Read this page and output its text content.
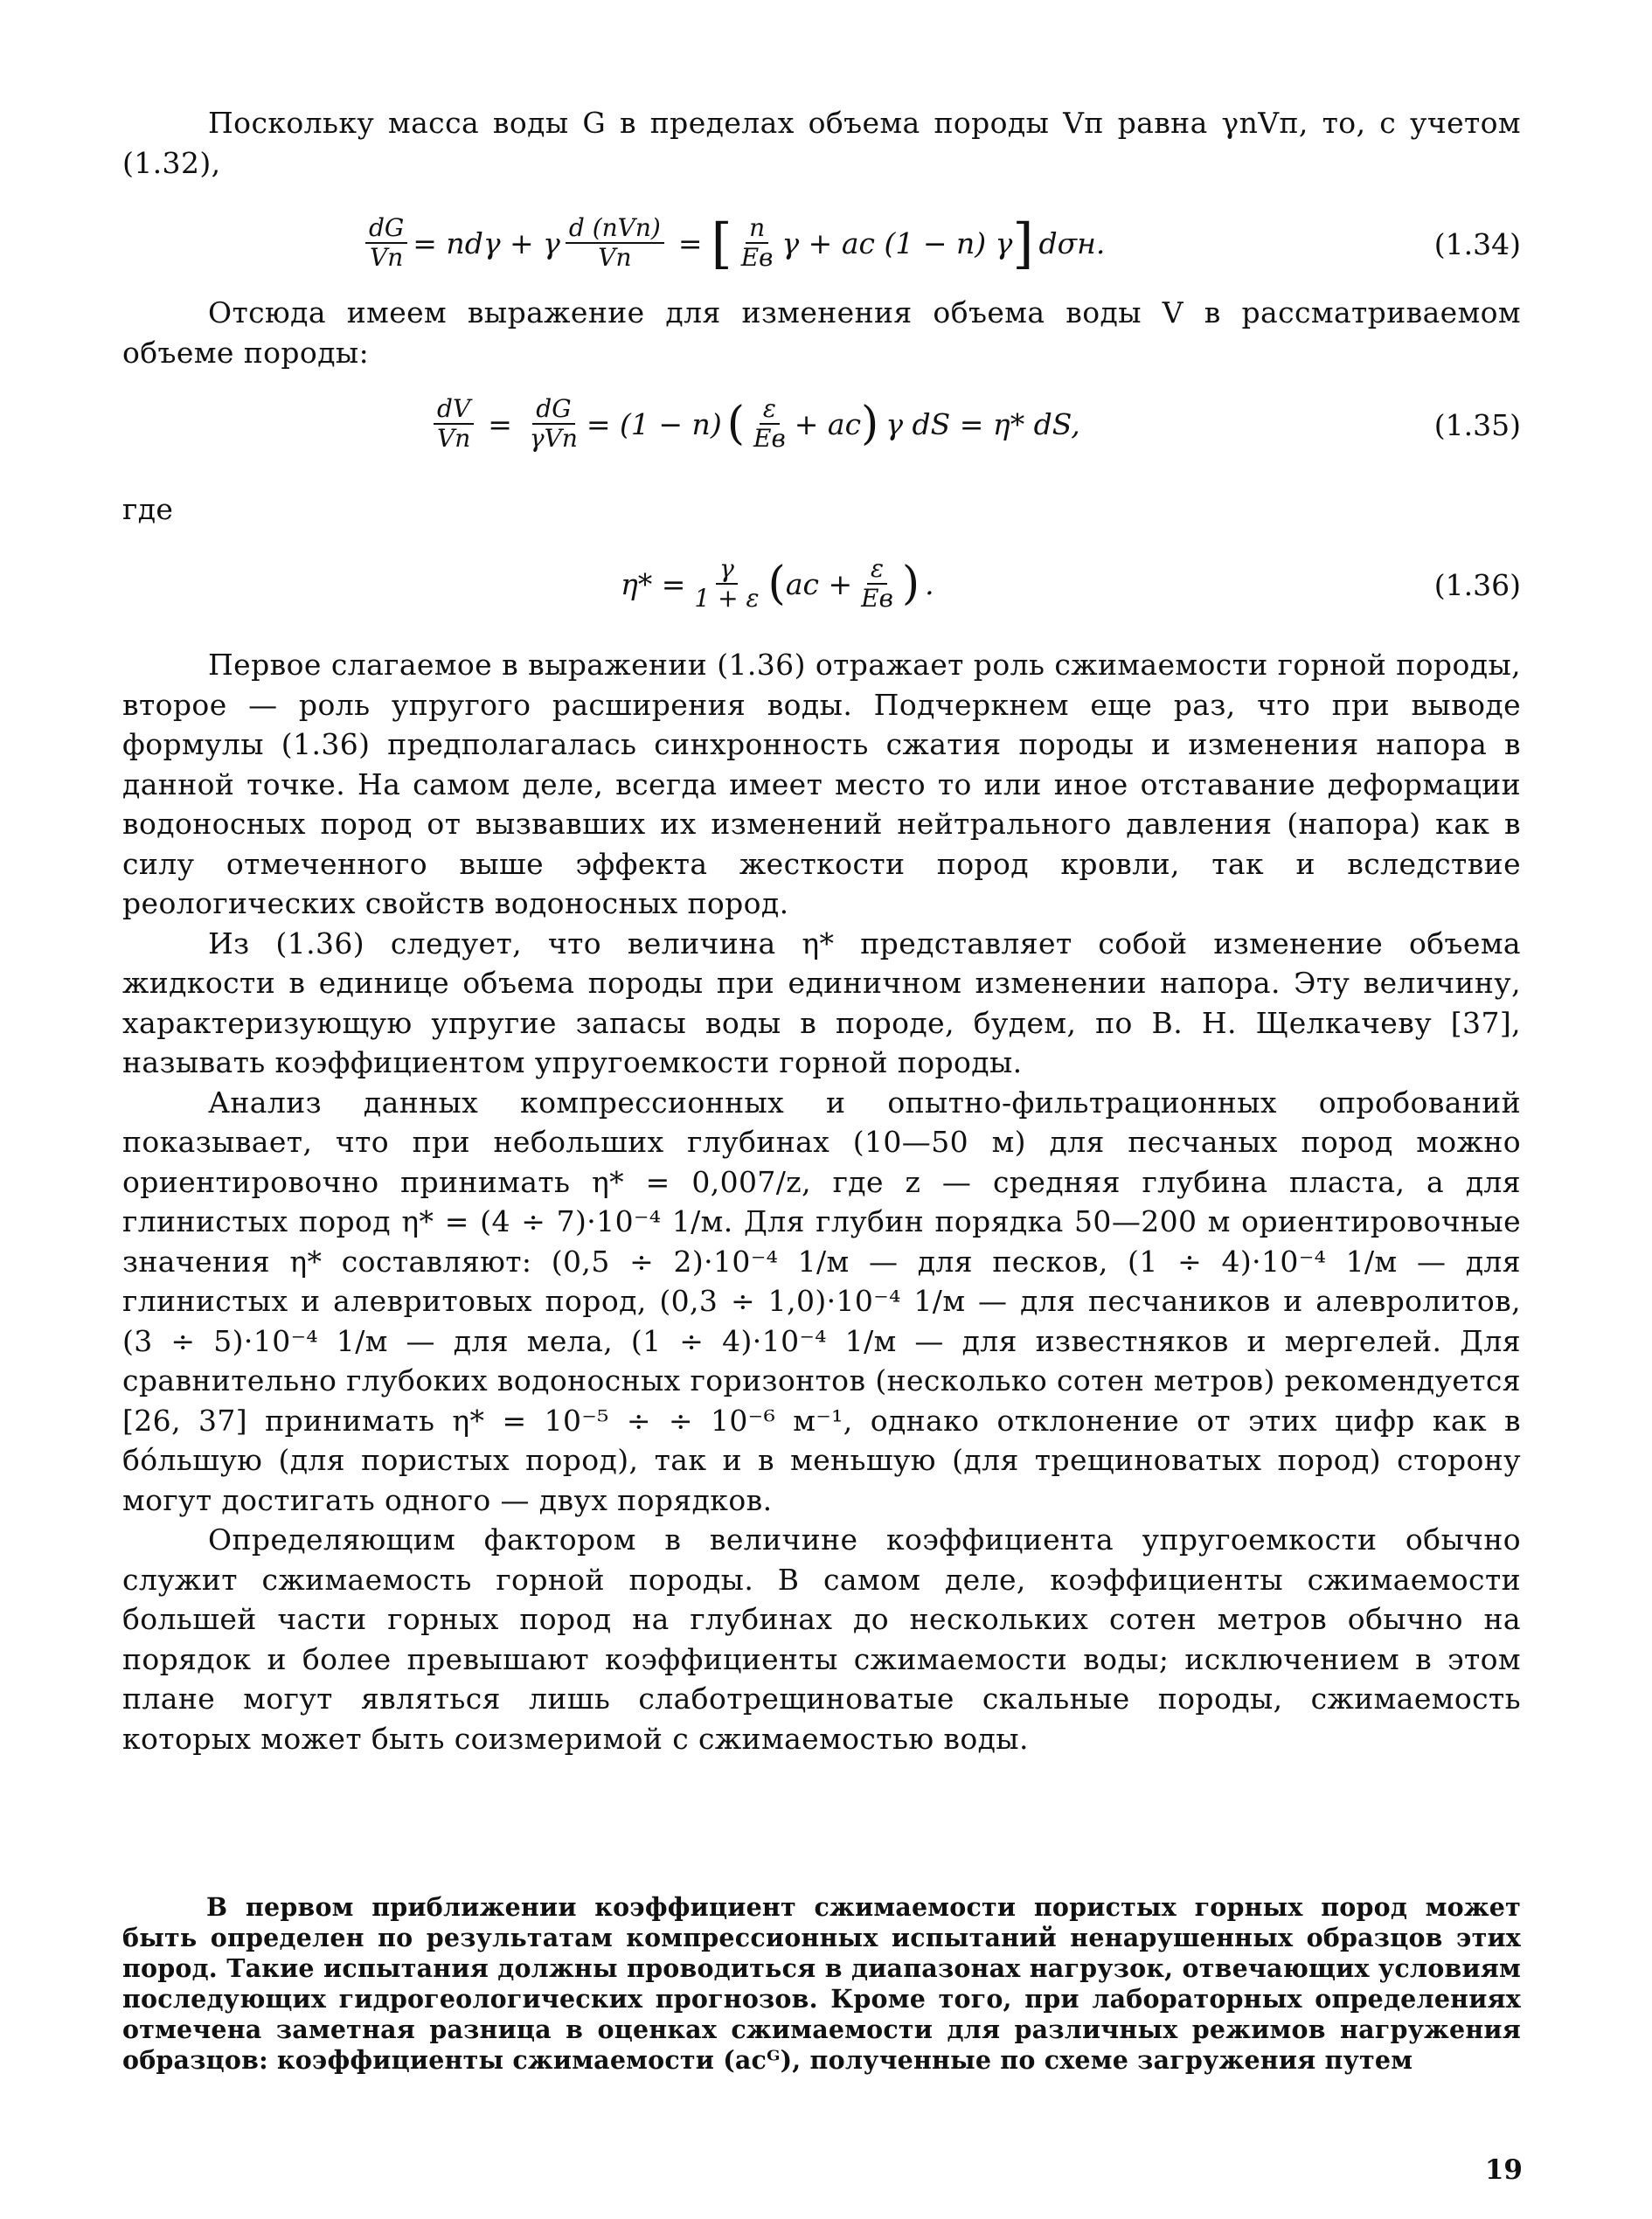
Поскольку масса воды G в пределах объема породы Vп равна γnVп, то, с учетом (1.32),

$\frac{dG}{Vп} = nd\gamma + \gamma \frac{\text{d (nVп)}}{Vп}$ = [ $\frac{n}{Eв}$ γ + aс (1 − n) γ ] dσн.	(1.34)

Отсюда имеем выражение для изменения объема воды V в рассматриваемом объеме породы:

$\frac{dV}{Vп} = \frac{dG}{\text{γVп}} = (1 - n)$ ( $\frac{\varepsilon}{Eв}$ + aс ) γ dS = η* dS,	(1.35)

где

$\eta* = \frac{\gamma}{1 + \varepsilon}$ ( aс + $\frac{\varepsilon}{Eв}$ ) .	(1.36)

Первое слагаемое в выражении (1.36) отражает роль сжимаемости горной породы, второе — роль упругого расширения воды. Подчеркнем еще раз, что при выводе формулы (1.36) предполагалась синхронность сжатия породы и изменения напора в данной точке. На самом деле, всегда имеет место то или иное отставание деформации водоносных пород от вызвавших их изменений нейтрального давления (напора) как в силу отмеченного выше эффекта жесткости пород кровли, так и вследствие реологических свойств водоносных пород.

Из (1.36) следует, что величина η* представляет собой изменение объема жидкости в единице объема породы при единичном изменении напора. Эту величину, характеризующую упругие запасы воды в породе, будем, по В. Н. Щелкачеву [37], называть коэффициентом упругоемкости горной породы.

Анализ данных компрессионных и опытно-фильтрационных опробований показывает, что при небольших глубинах (10—50 м) для песчаных пород можно ориентировочно принимать η* = 0,007/z, где z — средняя глубина пласта, а для глинистых пород η* = (4 ÷ 7)·10⁻⁴ 1/м. Для глубин порядка 50—200 м ориентировочные значения η* составляют: (0,5 ÷ 2)·10⁻⁴ 1/м — для песков, (1 ÷ 4)·10⁻⁴ 1/м — для глинистых и алевритовых пород, (0,3 ÷ 1,0)·10⁻⁴ 1/м — для песчаников и алевролитов, (3 ÷ 5)·10⁻⁴ 1/м — для мела, (1 ÷ 4)·10⁻⁴ 1/м — для известняков и мергелей. Для сравнительно глубоких водоносных горизонтов (несколько сотен метров) рекомендуется [26, 37] принимать η* = 10⁻⁵ ÷ ÷ 10⁻⁶ м⁻¹, однако отклонение от этих цифр как в бóльшую (для пористых пород), так и в меньшую (для трещиноватых пород) сторону могут достигать одного — двух порядков.

Определяющим фактором в величине коэффициента упругоемкости обычно служит сжимаемость горной породы. В самом деле, коэффициенты сжимаемости большей части горных пород на глубинах до нескольких сотен метров обычно на порядок и более превышают коэффициенты сжимаемости воды; исключением в этом плане могут являться лишь слаботрещиноватые скальные породы, сжимаемость которых может быть соизмеримой с сжимаемостью воды.

В первом приближении коэффициент сжимаемости пористых горных пород может быть определен по результатам компрессионных испытаний ненарушенных образцов этих пород. Такие испытания должны проводиться в диапазонах нагрузок, отвечающих условиям последующих гидрогеологических прогнозов. Кроме того, при лабораторных определениях отмечена заметная разница в оценках сжимаемости для различных режимов нагружения образцов: коэффициенты сжимаемости (aсᴳ), полученные по схеме загружения путем

19
